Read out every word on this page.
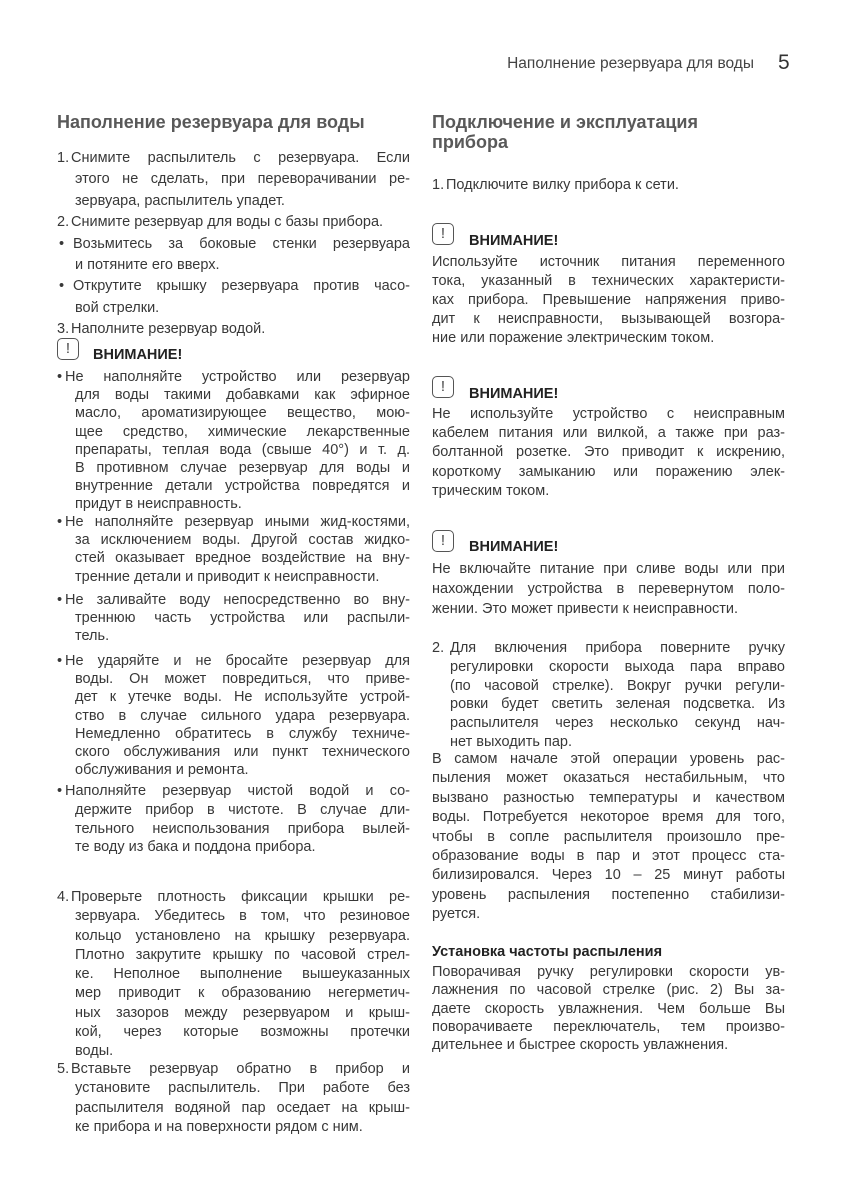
Наполнение резервуара для воды 5
Наполнение резервуара для воды
1. Снимите распылитель с резервуара. Если
этого не сделать, при переворачивании ре-
зервуара, распылитель упадет.
2. Снимите резервуар для воды с базы прибора.
• Возьмитесь за боковые стенки резервуара
и потяните его вверх.
• Открутите крышку резервуара против часо-
вой стрелки.
3. Наполните резервуар водой.
!	ВНИМАНИЕ!
• Не наполняйте устройство или резервуар
для воды такими добавками как эфирное
масло, ароматизирующее вещество, мою-
щее средство, химические лекарственные
препараты, теплая вода (свыше 40°) и т. д.
В противном случае резервуар для воды и
внутренние детали устройства повредятся и
придут в неисправность.
• Не наполняйте резервуар иными жид-костями,
за исключением воды. Другой состав жидко-
стей оказывает вредное воздействие на вну-
тренние детали и приводит к неисправности.
• Не заливайте воду непосредственно во вну-
треннюю часть устройства или распыли-
тель.
• Не ударяйте и не бросайте резервуар для
воды. Он может повредиться, что приве-
дет к утечке воды. Не используйте устрой-
ство в случае сильного удара резервуара.
Немедленно обратитесь в службу техниче-
ского обслуживания или пункт технического
обслуживания и ремонта.
• Наполняйте резервуар чистой водой и со-
держите прибор в чистоте. В случае дли-
тельного неиспользования прибора вылей-
те воду из бака и поддона прибора.
4. Проверьте плотность фиксации крышки ре-
зервуара. Убедитесь в том, что резиновое
кольцо установлено на крышку резервуара.
Плотно закрутите крышку по часовой стрел-
ке. Неполное выполнение вышеуказанных
мер приводит к образованию негерметич-
ных зазоров между резервуаром и крыш-
кой, через которые возможны протечки
воды.
5. Вставьте резервуар обратно в прибор и
установите распылитель. При работе без
распылителя водяной пар оседает на крыш-
ке прибора и на поверхности рядом с ним.
Подключение и эксплуатация
прибора
1. Подключите вилку прибора к сети.
!	ВНИМАНИЕ!
Используйте источник питания переменного
тока, указанный в технических характеристи-
ках прибора. Превышение напряжения приво-
дит к неисправности, вызывающей возгора-
ние или поражение электрическим током.
!	ВНИМАНИЕ!
Не используйте устройство с неисправным
кабелем питания или вилкой, а также при раз-
болтанной розетке. Это приводит к искрению,
короткому замыканию или поражению элек-
трическим током.
!	ВНИМАНИЕ!
Не включайте питание при сливе воды или при
нахождении устройства в перевернутом поло-
жении. Это может привести к неисправности.
2. Для включения прибора поверните ручку
регулировки скорости выхода пара вправо
(по часовой стрелке). Вокруг ручки регули-
ровки будет светить зеленая подсветка. Из
распылителя через несколько секунд нач-
нет выходить пар.
В самом начале этой операции уровень рас-
пыления может оказаться нестабильным, что
вызвано разностью температуры и качеством
воды. Потребуется некоторое время для того,
чтобы в сопле распылителя произошло пре-
образование воды в пар и этот процесс ста-
билизировался. Через 10 – 25 минут работы
уровень распыления постепенно стабилизи-
руется.
Установка частоты распыления
Поворачивая ручку регулировки скорости ув-
лажнения по часовой стрелке (рис. 2) Вы за-
даете скорость увлажнения. Чем больше Вы
поворачиваете переключатель, тем произво-
дительнее и быстрее скорость увлажнения.
